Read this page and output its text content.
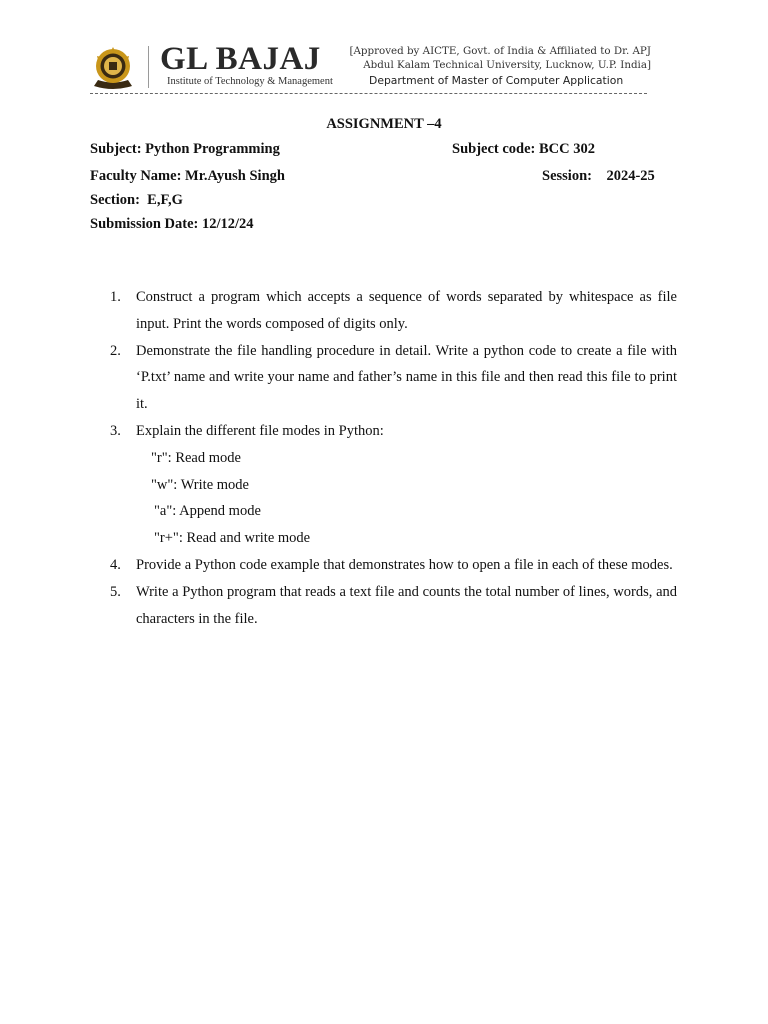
GL BAJAJ
Institute of Technology & Management
[Approved by AICTE, Govt. of India & Affiliated to Dr. APJ
Abdul Kalam Technical University, Lucknow, U.P. India]
Department of Master of Computer Application
ASSIGNMENT –4
Subject: Python Programming	Subject code: BCC 302
Faculty Name: Mr.Ayush Singh	Session:    2024-25
Section:  E,F,G
Submission Date: 12/12/24
1. Construct a program which accepts a sequence of words separated by whitespace as file input. Print the words composed of digits only.
2. Demonstrate the file handling procedure in detail. Write a python code to create a file with ‘P.txt’ name and write your name and father’s name in this file and then read this file to print it.
3. Explain the different file modes in Python:
"r": Read mode
"w": Write mode
"a": Append mode
"r+": Read and write mode
4. Provide a Python code example that demonstrates how to open a file in each of these modes.
5. Write a Python program that reads a text file and counts the total number of lines, words, and characters in the file.
